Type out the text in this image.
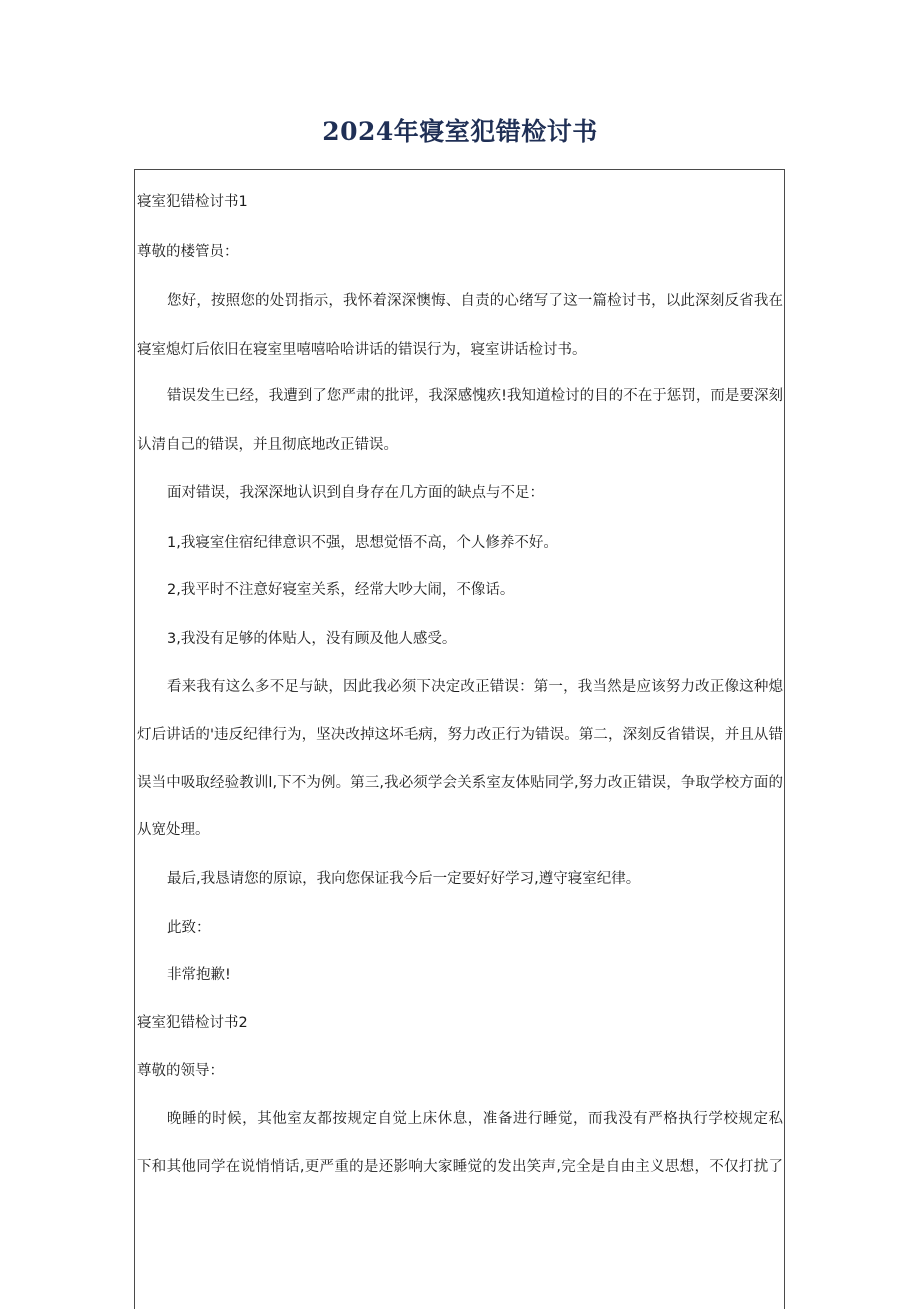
2024年寝室犯错检讨书

寝室犯错检讨书1

尊敬的楼管员：

您好，按照您的处罚指示，我怀着深深懊悔、自责的心绪写了这一篇检讨书，以此深刻反省我在

寝室熄灯后依旧在寝室里嘻嘻哈哈讲话的错误行为，寝室讲话检讨书。

错误发生已经，我遭到了您严肃的批评，我深感愧疚!我知道检讨的目的不在于惩罚，而是要深刻

认清自己的错误，并且彻底地改正错误。

面对错误，我深深地认识到自身存在几方面的缺点与不足：

1,我寝室住宿纪律意识不强，思想觉悟不高，个人修养不好。

2,我平时不注意好寝室关系，经常大吵大闹，不像话。

3,我没有足够的体贴人，没有顾及他人感受。

看来我有这么多不足与缺，因此我必须下决定改正错误：第一，我当然是应该努力改正像这种熄

灯后讲话的'违反纪律行为，坚决改掉这坏毛病，努力改正行为错误。第二，深刻反省错误，并且从错

误当中吸取经验教训l,下不为例。第三,我必须学会关系室友体贴同学,努力改正错误，争取学校方面的

从宽处理。

最后,我恳请您的原谅，我向您保证我今后一定要好好学习,遵守寝室纪律。

此致：

非常抱歉!

寝室犯错检讨书2

尊敬的领导：

晚睡的时候，其他室友都按规定自觉上床休息，准备进行睡觉，而我没有严格执行学校规定私

下和其他同学在说悄悄话,更严重的是还影响大家睡觉的发出笑声,完全是自由主义思想，不仅打扰了
